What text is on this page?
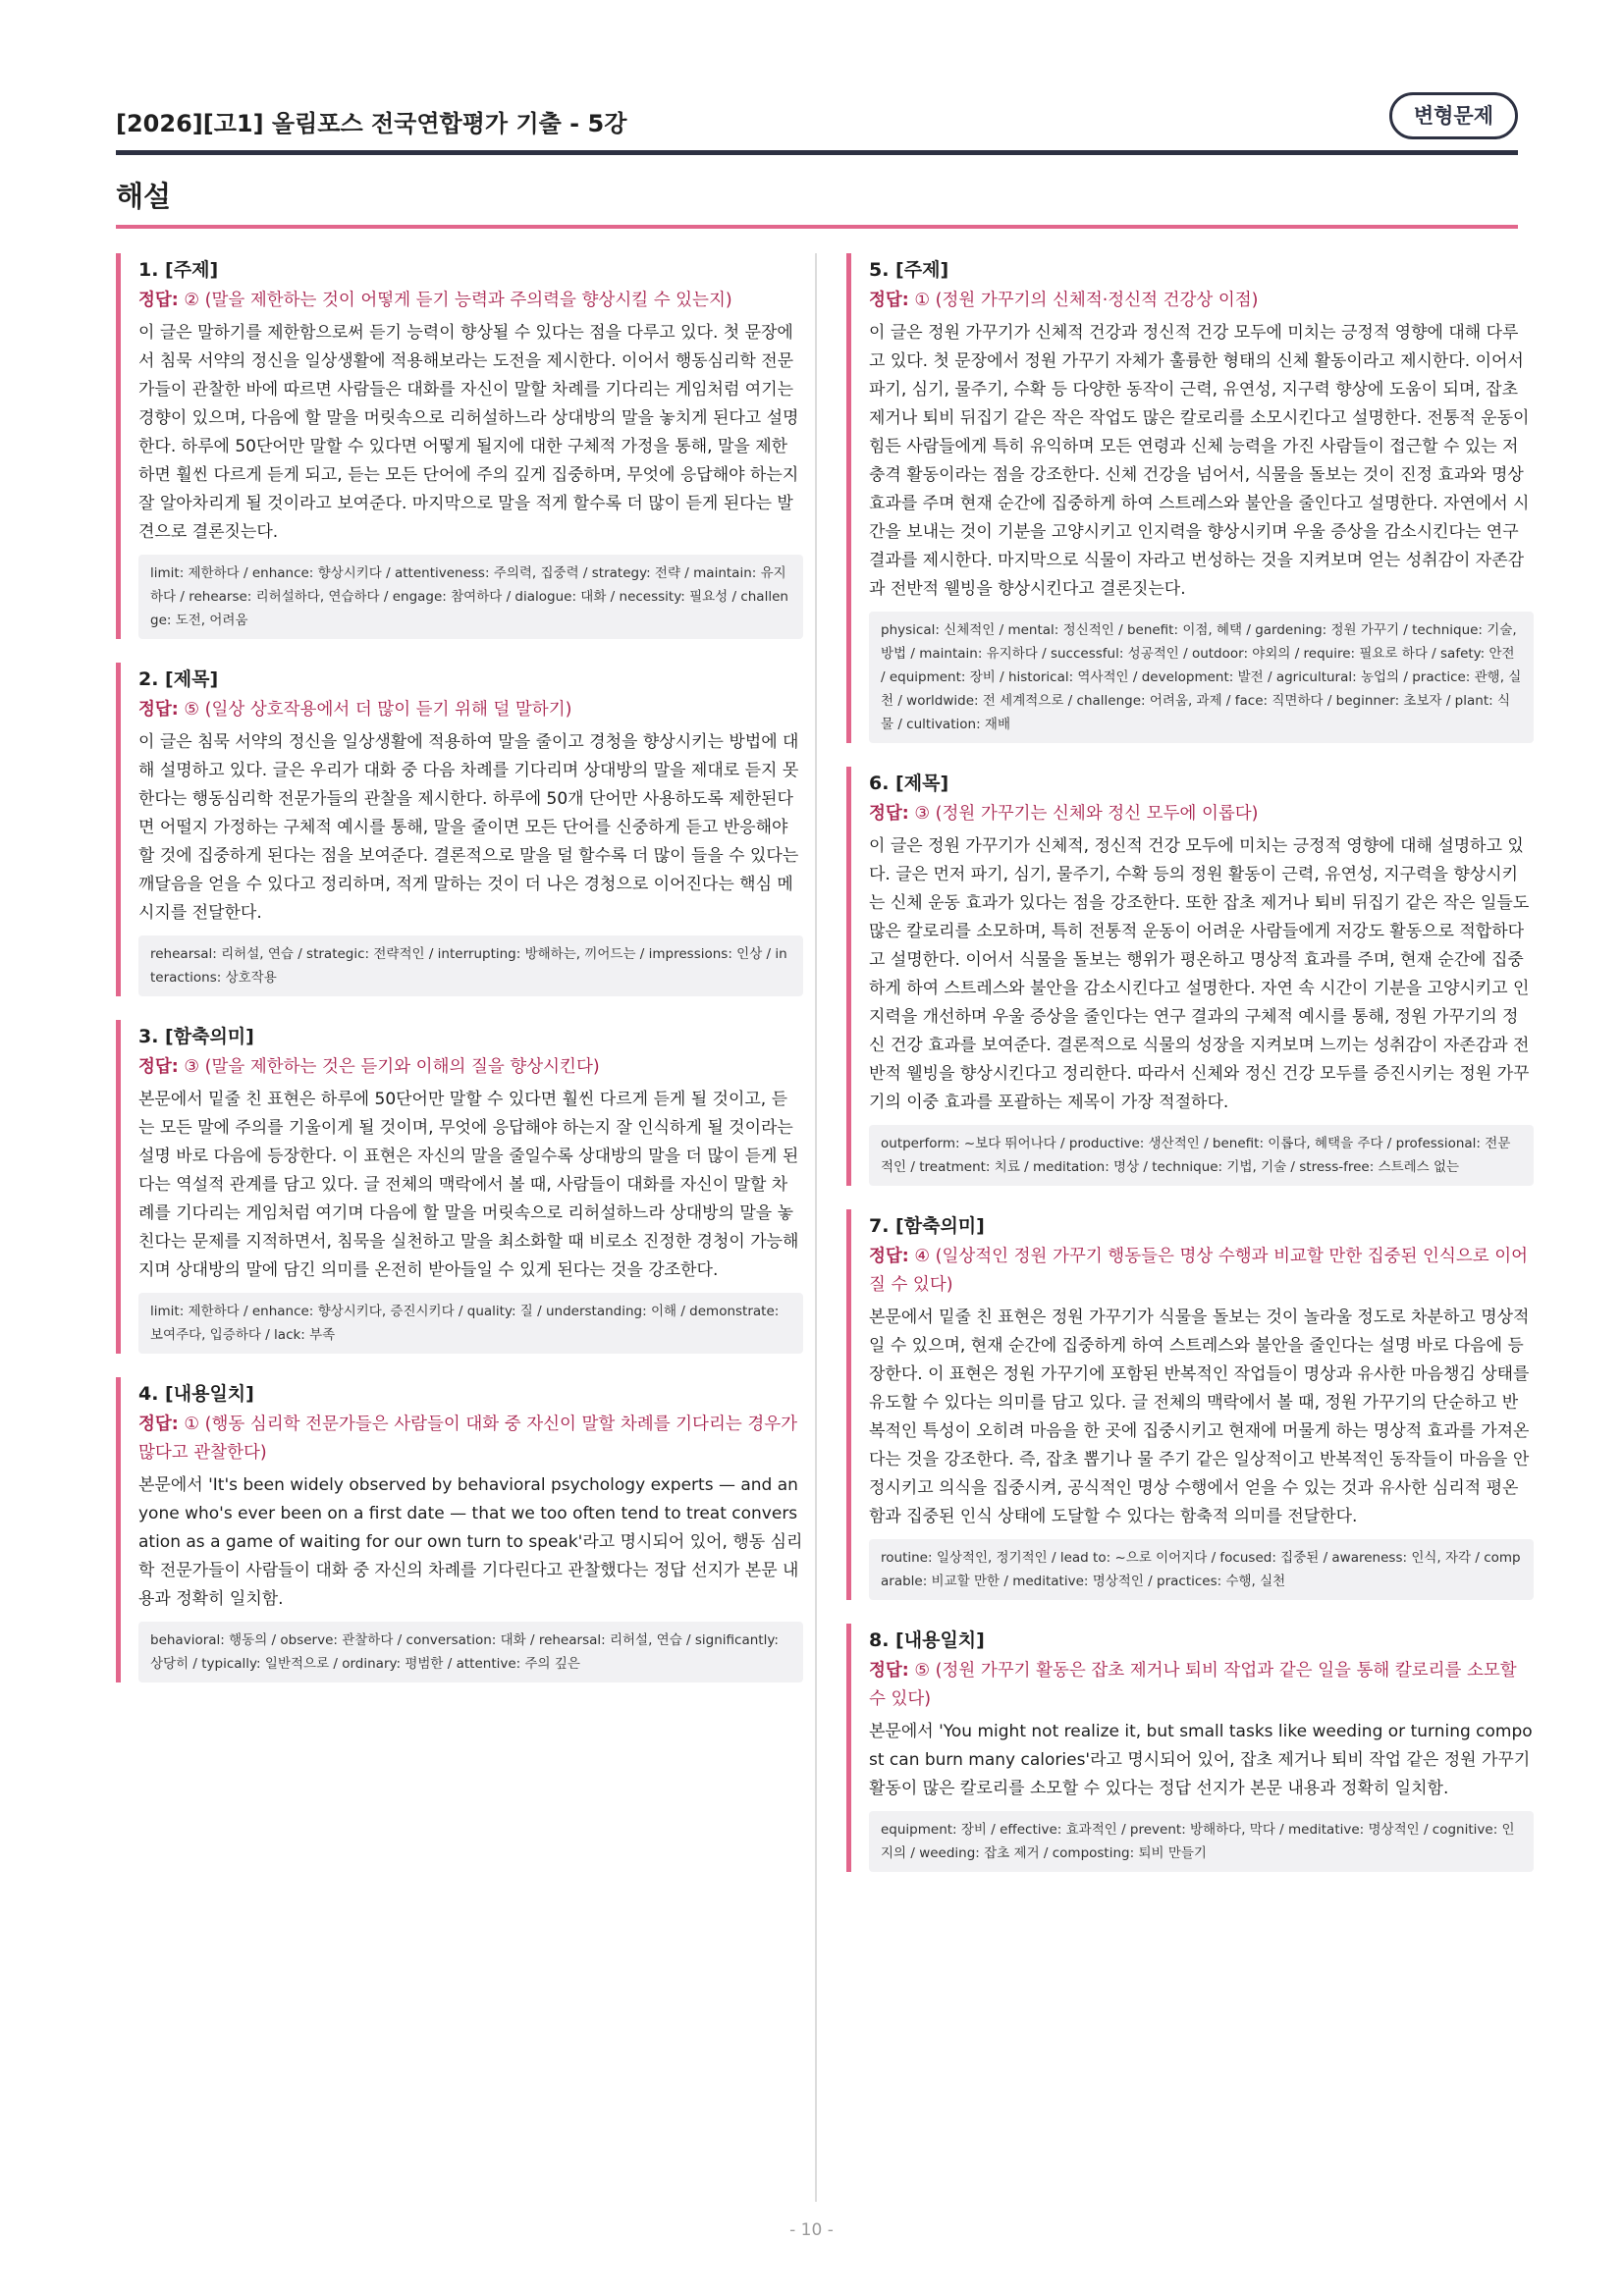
[2026][고1] 올림포스 전국연합평가 기출 - 5강	변형문제
해설
1. [주제]
정답: ② (말을 제한하는 것이 어떻게 듣기 능력과 주의력을 향상시킬 수 있는지)
이 글은 말하기를 제한함으로써 듣기 능력이 향상될 수 있다는 점을 다루고 있다. 첫 문장에서 침묵 서약의 정신을 일상생활에 적용해보라는 도전을 제시한다. 이어서 행동심리학 전문가들이 관찰한 바에 따르면 사람들은 대화를 자신이 말할 차례를 기다리는 게임처럼 여기는 경향이 있으며, 다음에 할 말을 머릿속으로 리허설하느라 상대방의 말을 놓치게 된다고 설명한다. 하루에 50단어만 말할 수 있다면 어떻게 될지에 대한 구체적 가정을 통해, 말을 제한하면 훨씬 다르게 듣게 되고, 듣는 모든 단어에 주의 깊게 집중하며, 무엇에 응답해야 하는지 잘 알아차리게 될 것이라고 보여준다. 마지막으로 말을 적게 할수록 더 많이 듣게 된다는 발견으로 결론짓는다.
limit: 제한하다 / enhance: 향상시키다 / attentiveness: 주의력, 집중력 / strategy: 전략 / maintain: 유지하다 / rehearse: 리허설하다, 연습하다 / engage: 참여하다 / dialogue: 대화 / necessity: 필요성 / challenge: 도전, 어려움
2. [제목]
정답: ⑤ (일상 상호작용에서 더 많이 듣기 위해 덜 말하기)
이 글은 침묵 서약의 정신을 일상생활에 적용하여 말을 줄이고 경청을 향상시키는 방법에 대해 설명하고 있다. 글은 우리가 대화 중 다음 차례를 기다리며 상대방의 말을 제대로 듣지 못한다는 행동심리학 전문가들의 관찰을 제시한다. 하루에 50개 단어만 사용하도록 제한된다면 어떨지 가정하는 구체적 예시를 통해, 말을 줄이면 모든 단어를 신중하게 듣고 반응해야 할 것에 집중하게 된다는 점을 보여준다. 결론적으로 말을 덜 할수록 더 많이 들을 수 있다는 깨달음을 얻을 수 있다고 정리하며, 적게 말하는 것이 더 나은 경청으로 이어진다는 핵심 메시지를 전달한다.
rehearsal: 리허설, 연습 / strategic: 전략적인 / interrupting: 방해하는, 끼어드는 / impressions: 인상 / interactions: 상호작용
3. [함축의미]
정답: ③ (말을 제한하는 것은 듣기와 이해의 질을 향상시킨다)
본문에서 밑줄 친 표현은 하루에 50단어만 말할 수 있다면 훨씬 다르게 듣게 될 것이고, 듣는 모든 말에 주의를 기울이게 될 것이며, 무엇에 응답해야 하는지 잘 인식하게 될 것이라는 설명 바로 다음에 등장한다. 이 표현은 자신의 말을 줄일수록 상대방의 말을 더 많이 듣게 된다는 역설적 관계를 담고 있다. 글 전체의 맥락에서 볼 때, 사람들이 대화를 자신이 말할 차례를 기다리는 게임처럼 여기며 다음에 할 말을 머릿속으로 리허설하느라 상대방의 말을 놓친다는 문제를 지적하면서, 침묵을 실천하고 말을 최소화할 때 비로소 진정한 경청이 가능해지며 상대방의 말에 담긴 의미를 온전히 받아들일 수 있게 된다는 것을 강조한다.
limit: 제한하다 / enhance: 향상시키다, 증진시키다 / quality: 질 / understanding: 이해 / demonstrate: 보여주다, 입증하다 / lack: 부족
4. [내용일치]
정답: ① (행동 심리학 전문가들은 사람들이 대화 중 자신이 말할 차례를 기다리는 경우가 많다고 관찰한다)
본문에서 'It's been widely observed by behavioral psychology experts — and anyone who's ever been on a first date — that we too often tend to treat conversation as a game of waiting for our own turn to speak'라고 명시되어 있어, 행동 심리학 전문가들이 사람들이 대화 중 자신의 차례를 기다린다고 관찰했다는 정답 선지가 본문 내용과 정확히 일치함.
behavioral: 행동의 / observe: 관찰하다 / conversation: 대화 / rehearsal: 리허설, 연습 / significantly: 상당히 / typically: 일반적으로 / ordinary: 평범한 / attentive: 주의 깊은
5. [주제]
정답: ① (정원 가꾸기의 신체적·정신적 건강상 이점)
이 글은 정원 가꾸기가 신체적 건강과 정신적 건강 모두에 미치는 긍정적 영향에 대해 다루고 있다. 첫 문장에서 정원 가꾸기 자체가 훌륭한 형태의 신체 활동이라고 제시한다. 이어서 파기, 심기, 물주기, 수확 등 다양한 동작이 근력, 유연성, 지구력 향상에 도움이 되며, 잡초 제거나 퇴비 뒤집기 같은 작은 작업도 많은 칼로리를 소모시킨다고 설명한다. 전통적 운동이 힘든 사람들에게 특히 유익하며 모든 연령과 신체 능력을 가진 사람들이 접근할 수 있는 저충격 활동이라는 점을 강조한다. 신체 건강을 넘어서, 식물을 돌보는 것이 진정 효과와 명상 효과를 주며 현재 순간에 집중하게 하여 스트레스와 불안을 줄인다고 설명한다. 자연에서 시간을 보내는 것이 기분을 고양시키고 인지력을 향상시키며 우울 증상을 감소시킨다는 연구 결과를 제시한다. 마지막으로 식물이 자라고 번성하는 것을 지켜보며 얻는 성취감이 자존감과 전반적 웰빙을 향상시킨다고 결론짓는다.
physical: 신체적인 / mental: 정신적인 / benefit: 이점, 혜택 / gardening: 정원 가꾸기 / technique: 기술, 방법 / maintain: 유지하다 / successful: 성공적인 / outdoor: 야외의 / require: 필요로 하다 / safety: 안전 / equipment: 장비 / historical: 역사적인 / development: 발전 / agricultural: 농업의 / practice: 관행, 실천 / worldwide: 전 세계적으로 / challenge: 어려움, 과제 / face: 직면하다 / beginner: 초보자 / plant: 식물 / cultivation: 재배
6. [제목]
정답: ③ (정원 가꾸기는 신체와 정신 모두에 이롭다)
이 글은 정원 가꾸기가 신체적, 정신적 건강 모두에 미치는 긍정적 영향에 대해 설명하고 있다. 글은 먼저 파기, 심기, 물주기, 수확 등의 정원 활동이 근력, 유연성, 지구력을 향상시키는 신체 운동 효과가 있다는 점을 강조한다. 또한 잡초 제거나 퇴비 뒤집기 같은 작은 일들도 많은 칼로리를 소모하며, 특히 전통적 운동이 어려운 사람들에게 저강도 활동으로 적합하다고 설명한다. 이어서 식물을 돌보는 행위가 평온하고 명상적 효과를 주며, 현재 순간에 집중하게 하여 스트레스와 불안을 감소시킨다고 설명한다. 자연 속 시간이 기분을 고양시키고 인지력을 개선하며 우울 증상을 줄인다는 연구 결과의 구체적 예시를 통해, 정원 가꾸기의 정신 건강 효과를 보여준다. 결론적으로 식물의 성장을 지켜보며 느끼는 성취감이 자존감과 전반적 웰빙을 향상시킨다고 정리한다. 따라서 신체와 정신 건강 모두를 증진시키는 정원 가꾸기의 이중 효과를 포괄하는 제목이 가장 적절하다.
outperform: ~보다 뛰어나다 / productive: 생산적인 / benefit: 이롭다, 혜택을 주다 / professional: 전문적인 / treatment: 치료 / meditation: 명상 / technique: 기법, 기술 / stress-free: 스트레스 없는
7. [함축의미]
정답: ④ (일상적인 정원 가꾸기 행동들은 명상 수행과 비교할 만한 집중된 인식으로 이어질 수 있다)
본문에서 밑줄 친 표현은 정원 가꾸기가 식물을 돌보는 것이 놀라울 정도로 차분하고 명상적일 수 있으며, 현재 순간에 집중하게 하여 스트레스와 불안을 줄인다는 설명 바로 다음에 등장한다. 이 표현은 정원 가꾸기에 포함된 반복적인 작업들이 명상과 유사한 마음챙김 상태를 유도할 수 있다는 의미를 담고 있다. 글 전체의 맥락에서 볼 때, 정원 가꾸기의 단순하고 반복적인 특성이 오히려 마음을 한 곳에 집중시키고 현재에 머물게 하는 명상적 효과를 가져온다는 것을 강조한다. 즉, 잡초 뽑기나 물 주기 같은 일상적이고 반복적인 동작들이 마음을 안정시키고 의식을 집중시켜, 공식적인 명상 수행에서 얻을 수 있는 것과 유사한 심리적 평온함과 집중된 인식 상태에 도달할 수 있다는 함축적 의미를 전달한다.
routine: 일상적인, 정기적인 / lead to: ~으로 이어지다 / focused: 집중된 / awareness: 인식, 자각 / comparable: 비교할 만한 / meditative: 명상적인 / practices: 수행, 실천
8. [내용일치]
정답: ⑤ (정원 가꾸기 활동은 잡초 제거나 퇴비 작업과 같은 일을 통해 칼로리를 소모할 수 있다)
본문에서 'You might not realize it, but small tasks like weeding or turning compost can burn many calories'라고 명시되어 있어, 잡초 제거나 퇴비 작업 같은 정원 가꾸기 활동이 많은 칼로리를 소모할 수 있다는 정답 선지가 본문 내용과 정확히 일치함.
equipment: 장비 / effective: 효과적인 / prevent: 방해하다, 막다 / meditative: 명상적인 / cognitive: 인지의 / weeding: 잡초 제거 / composting: 퇴비 만들기
- 10 -
